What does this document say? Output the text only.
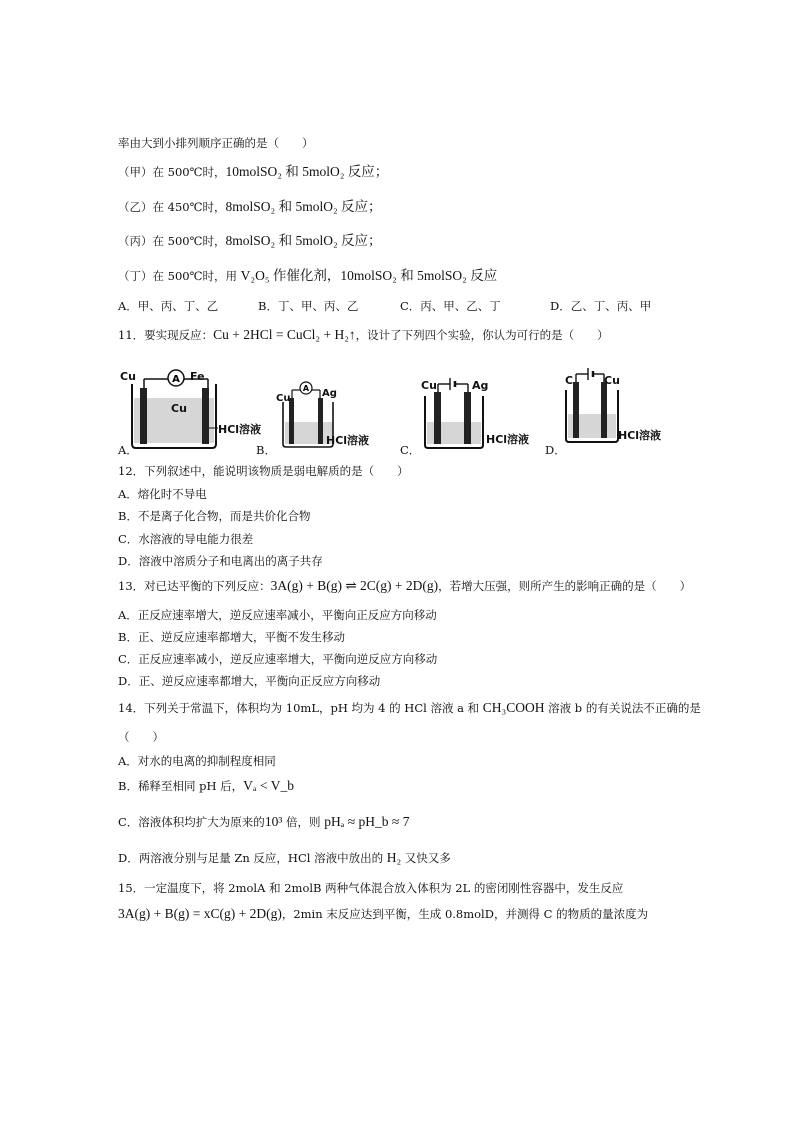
率由大到小排列顺序正确的是（　　）
（甲）在 500℃时，10molSO₂ 和 5molO₂ 反应；
（乙）在 450℃时，8molSO₂ 和 5molO₂ 反应；
（丙）在 500℃时，8molSO₂ 和 5molO₂ 反应；
（丁）在 500℃时，用 V₂O₅ 作催化剂，10molSO₂ 和 5molSO₂ 反应
A．甲、丙、丁、乙	B．丁、甲、丙、乙	C．丙、甲、乙、丁	D．乙、丁、丙、甲
11．要实现反应：Cu + 2HCl = CuCl₂ + H₂↑，设计了下列四个实验，你认为可行的是（　　）
A．
A
Cu
HCl溶液
Cu	Fe
B．
A
Cu	Ag
HCl溶液
C．
Cu	Ag
HCl溶液
D．
C	Cu
HCl溶液
12．下列叙述中，能说明该物质是弱电解质的是（　　）
A．熔化时不导电
B．不是离子化合物，而是共价化合物
C．水溶液的导电能力很差
D．溶液中溶质分子和电离出的离子共存
13．对已达平衡的下列反应：3A(g) + B(g) ⇌ 2C(g) + 2D(g)，若增大压强，则所产生的影响正确的是（　　）
A．正反应速率增大，逆反应速率减小，平衡向正反应方向移动
B．正、逆反应速率都增大，平衡不发生移动
C．正反应速率减小，逆反应速率增大，平衡向逆反应方向移动
D．正、逆反应速率都增大，平衡向正反应方向移动
14．下列关于常温下，体积均为 10mL，pH 均为 4 的 HCl 溶液 a 和 CH₃COOH 溶液 b 的有关说法不正确的是
（　　）
A．对水的电离的抑制程度相同
B．稀释至相同 pH 后，Vₐ < V_b
C．溶液体积均扩大为原来的10³ 倍，则 pHₐ ≈ pH_b ≈ 7
D．两溶液分别与足量 Zn 反应，HCl 溶液中放出的 H₂ 又快又多
15．一定温度下，将 2molA 和 2molB 两种气体混合放入体积为 2L 的密闭刚性容器中，发生反应
3A(g) + B(g) = xC(g) + 2D(g)，2min 末反应达到平衡，生成 0.8molD，并测得 C 的物质的量浓度为
